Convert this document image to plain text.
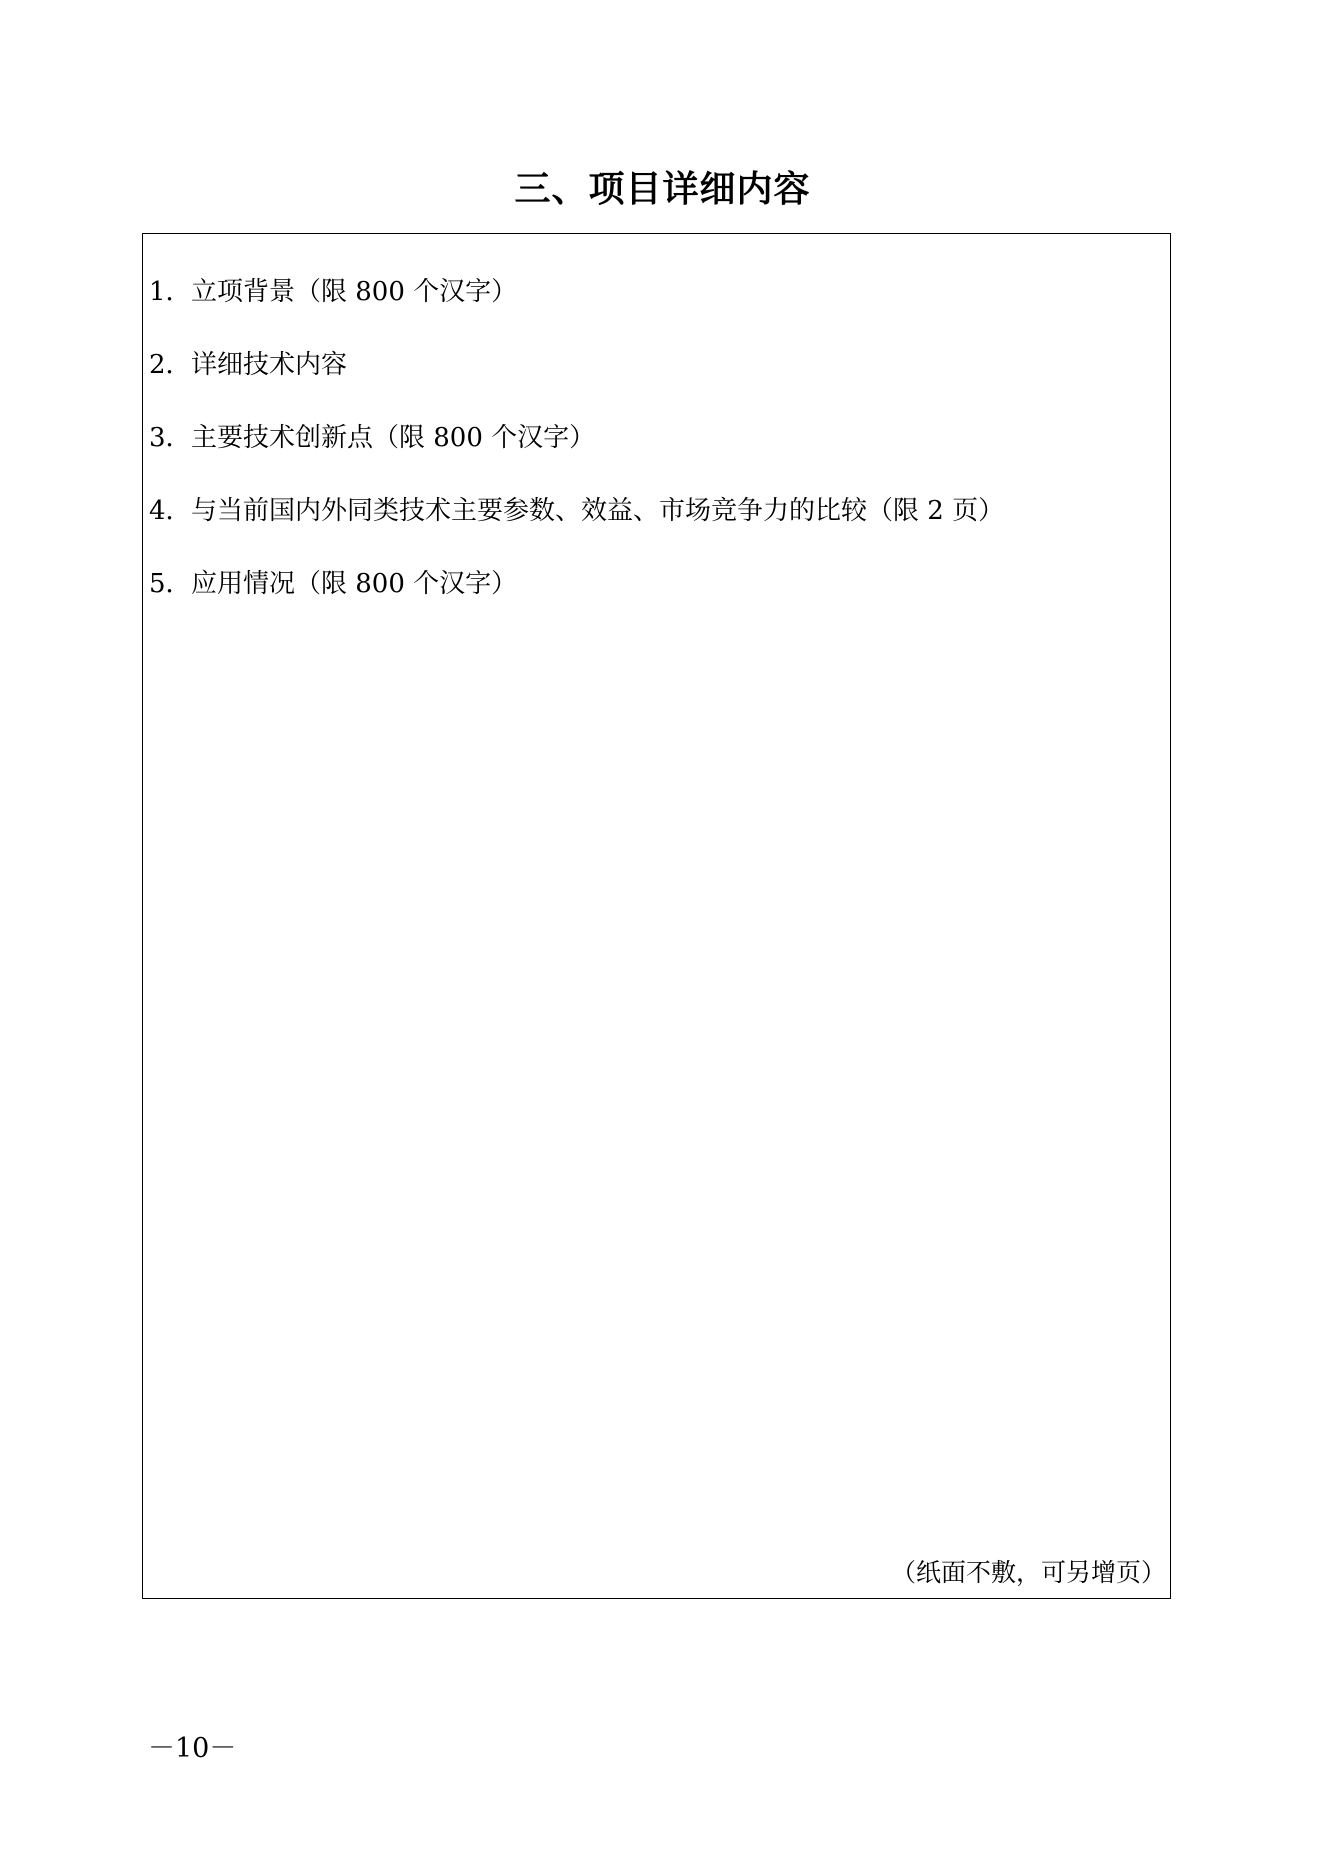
三、项目详细内容
1．立项背景（限 800 个汉字）
2．详细技术内容
3．主要技术创新点（限 800 个汉字）
4．与当前国内外同类技术主要参数、效益、市场竞争力的比较（限 2 页）
5．应用情况（限 800 个汉字）
（纸面不敷，可另增页）
－10－
